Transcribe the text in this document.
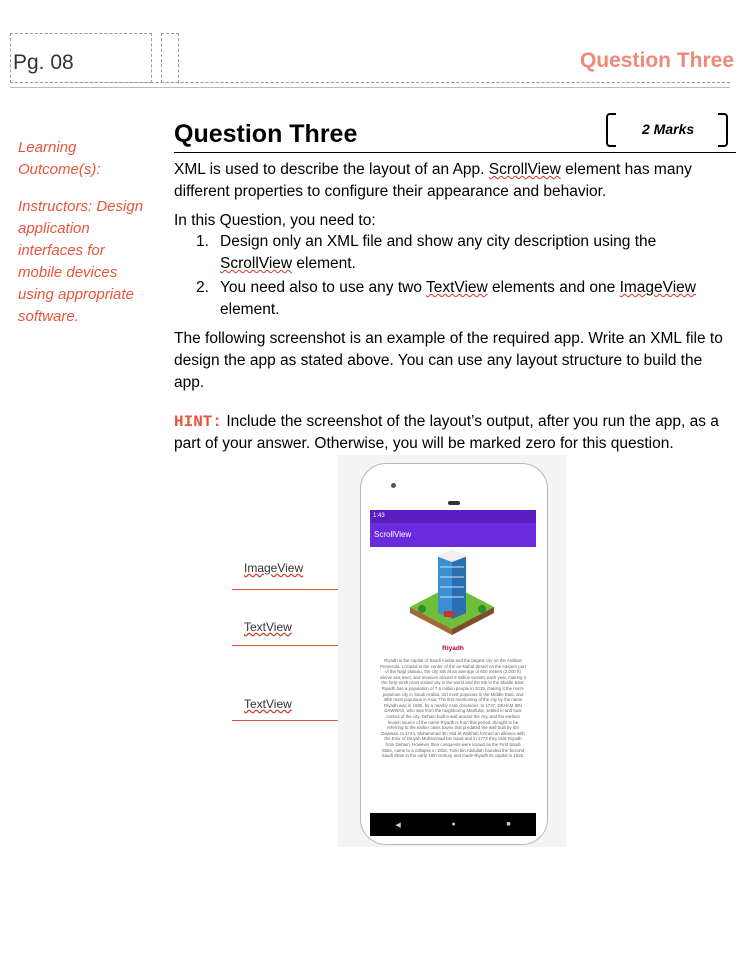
Pg. 08	Question Three
Learning Outcome(s):
Instructors: Design application interfaces for mobile devices using appropriate software.
Question Three	2 Marks
XML is used to describe the layout of an App. ScrollView element has many different properties to configure their appearance and behavior.
In this Question, you need to:
1. Design only an XML file and show any city description using the ScrollView element.
2. You need also to use any two TextView elements and one ImageView element.
The following screenshot is an example of the required app. Write an XML file to design the app as stated above. You can use any layout structure to build the app.
HINT: Include the screenshot of the layout’s output, after you run the app, as a part of your answer. Otherwise, you will be marked zero for this question.
ImageView
TextView
TextView
1:43
ScrollView
Riyadh
Riyadh is the capital of Saudi Arabia and the largest city on the Arabian Peninsula. Located in the center of the an-Nafud desert on the eastern part of the Najd plateau, the city sits at an average of 600 meters (2,000 ft) above sea level, and receives around 5 million tourists each year, making it the forty-ninth most visited city in the world and the 6th in the Middle East. Riyadh has a population of 7.6 million people in 2019, making it the most-populous city in Saudi Arabia, 3rd most populous in the Middle East, and 38th most populous in Asia. The first mentioning of the city by the name Riyadh was in 1590, by a nearby Arab chronicler. In 1737, DEHAM IBN DAWWAS, who was from the neighboring Manfuha, settled in and took control of the city. Deham built a wall around the city, and the earliest known source of the name Riyadh is from this period, thought to be referring to the earlier oasis towns that predated the wall built by Ibn Dawwas. In 1744, Muhammad ibn Abd al-Wahhab formed an alliance with the Emir of Diriyah Muhammad bin Saud and in 1773 they took Riyadh from Deham. However their conquests were known as the First Saudi State, came to a collapse in 1818. Turki bin Abdullah founded the Second Saudi State in the early 19th century and made Riyadh its capital in 1825.
◀	●	■
